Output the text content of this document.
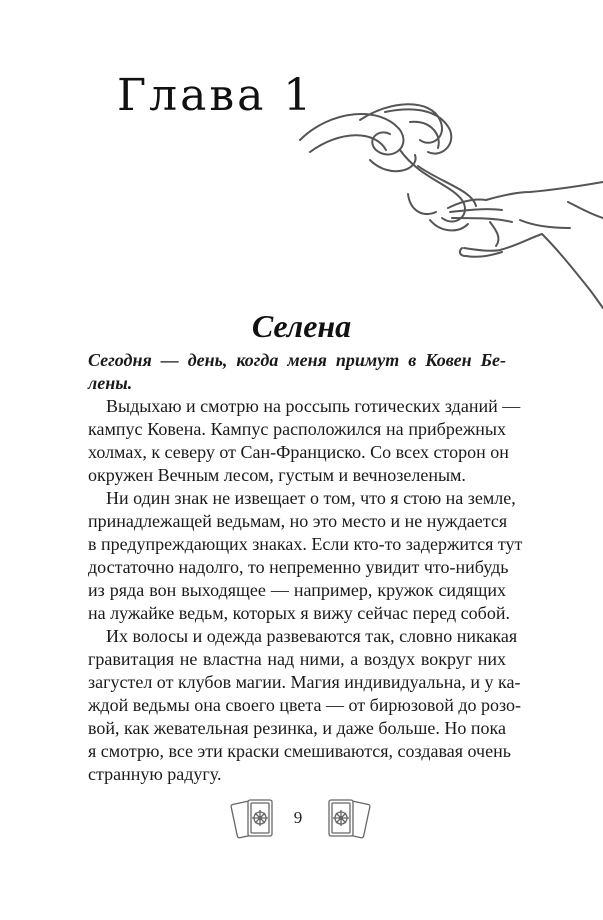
Глава 1
Селена
Сегодня — день, когда меня примут в Ковен Бе-
лены.
Выдыхаю и смотрю на россыпь готических зданий —
кампус Ковена. Кампус расположился на прибрежных
холмах, к северу от Сан-Франциско. Со всех сторон он
окружен Вечным лесом, густым и вечнозеленым.
Ни один знак не извещает о том, что я стою на земле,
принадлежащей ведьмам, но это место и не нуждается
в предупреждающих знаках. Если кто-то задержится тут
достаточно надолго, то непременно увидит что-нибудь
из ряда вон выходящее — например, кружок сидящих
на лужайке ведьм, которых я вижу сейчас перед собой.
Их волосы и одежда развеваются так, словно никакая
гравитация не властна над ними, а воздух вокруг них
загустел от клубов магии. Магия индивидуальна, и у ка-
ждой ведьмы она своего цвета — от бирюзовой до розо-
вой, как жевательная резинка, и даже больше. Но пока
я смотрю, все эти краски смешиваются, создавая очень
странную радугу.
9
